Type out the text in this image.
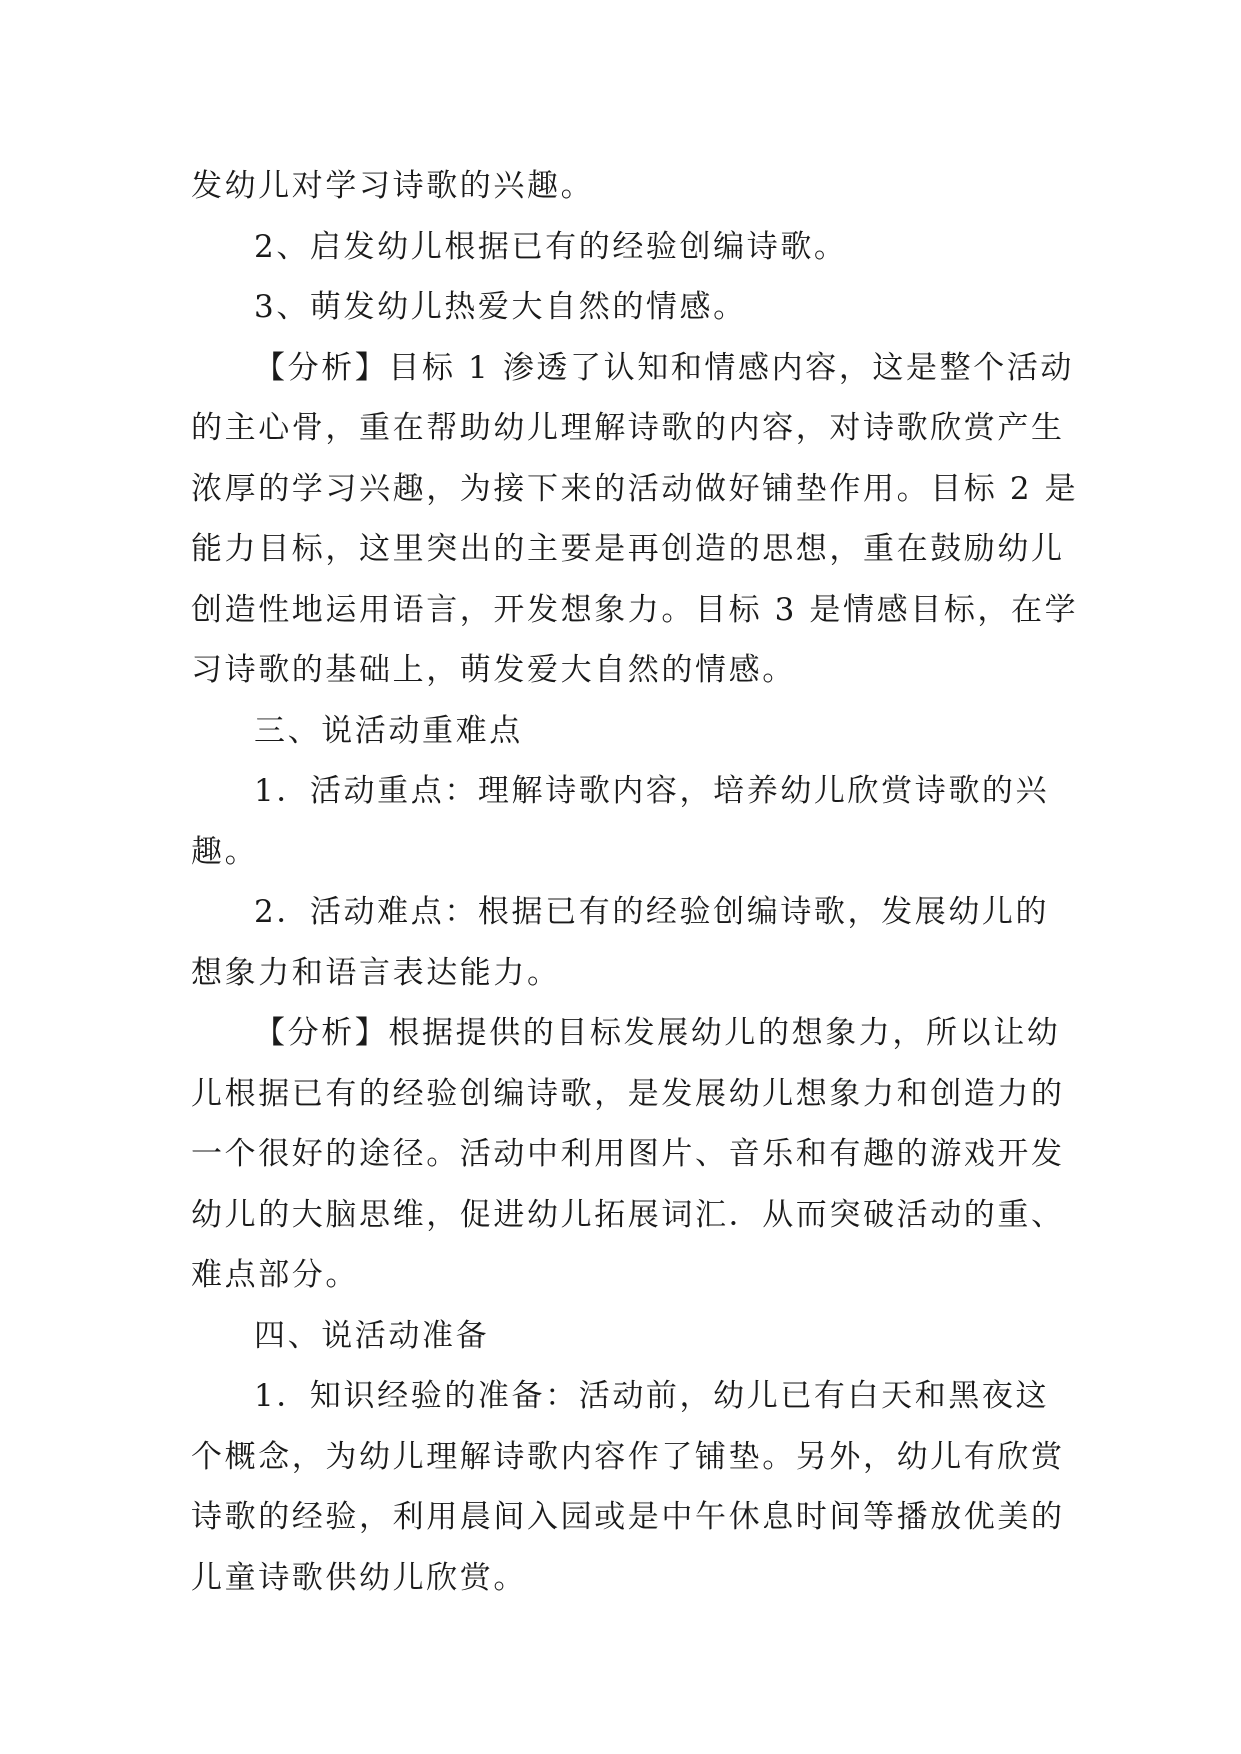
发幼儿对学习诗歌的兴趣。
2、启发幼儿根据已有的经验创编诗歌。
3、萌发幼儿热爱大自然的情感。
【分析】目标 1 渗透了认知和情感内容，这是整个活动
的主心骨，重在帮助幼儿理解诗歌的内容，对诗歌欣赏产生
浓厚的学习兴趣，为接下来的活动做好铺垫作用。目标 2 是
能力目标，这里突出的主要是再创造的思想，重在鼓励幼儿
创造性地运用语言，开发想象力。目标 3 是情感目标，在学
习诗歌的基础上，萌发爱大自然的情感。
三、说活动重难点
1．活动重点：理解诗歌内容，培养幼儿欣赏诗歌的兴
趣。
2．活动难点：根据已有的经验创编诗歌，发展幼儿的
想象力和语言表达能力。
【分析】根据提供的目标发展幼儿的想象力，所以让幼
儿根据已有的经验创编诗歌，是发展幼儿想象力和创造力的
一个很好的途径。活动中利用图片、音乐和有趣的游戏开发
幼儿的大脑思维，促进幼儿拓展词汇．从而突破活动的重、
难点部分。
四、说活动准备
1．知识经验的准备：活动前，幼儿已有白天和黑夜这
个概念，为幼儿理解诗歌内容作了铺垫。另外，幼儿有欣赏
诗歌的经验，利用晨间入园或是中午休息时间等播放优美的
儿童诗歌供幼儿欣赏。
